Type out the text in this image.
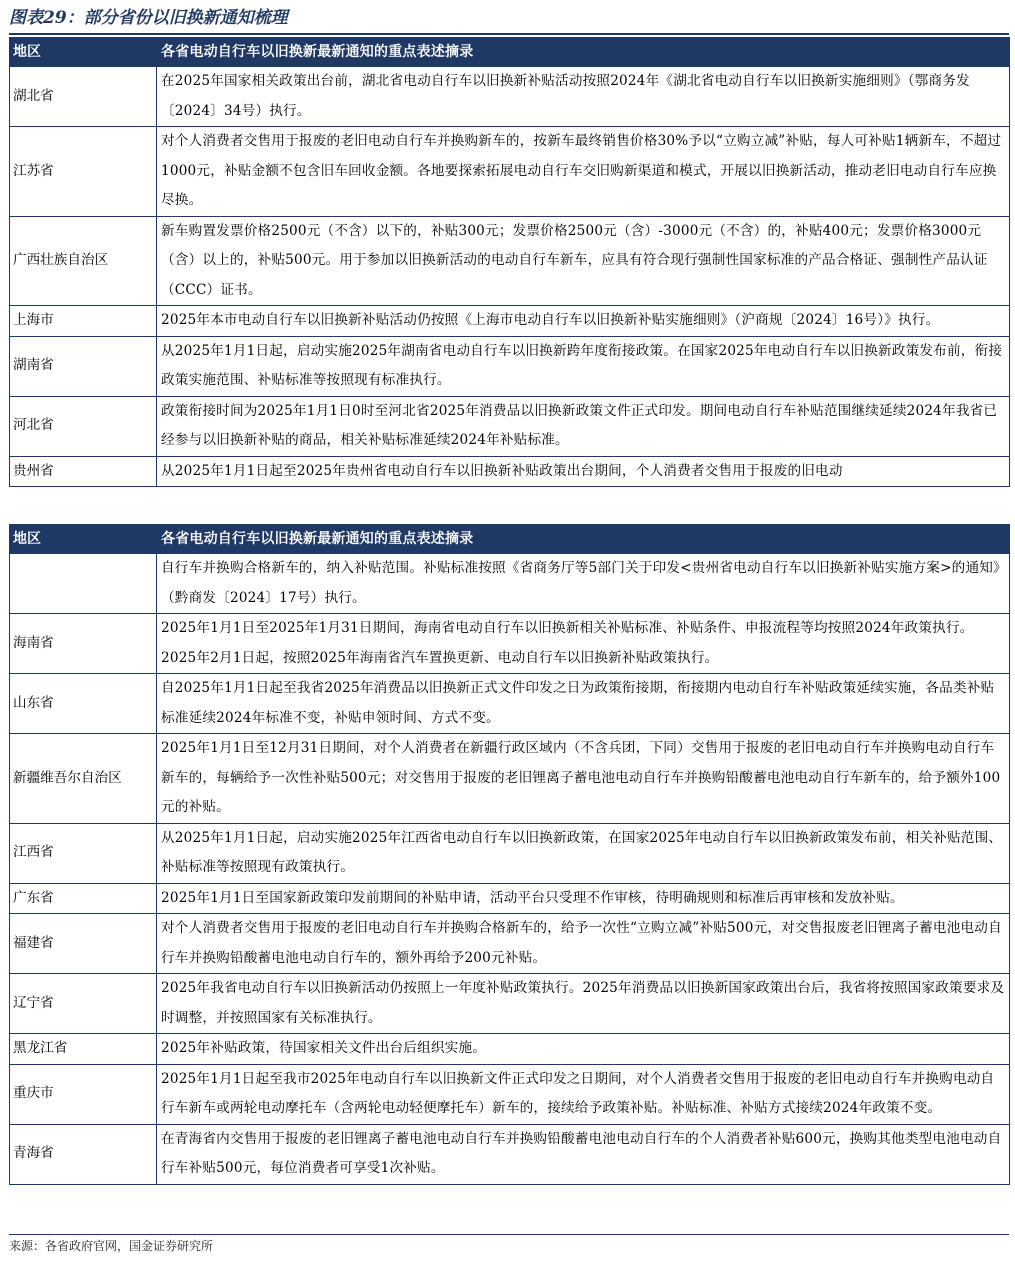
图表29：部分省份以旧换新通知梳理
地区	各省电动自行车以旧换新最新通知的重点表述摘录
湖北省	在2025年国家相关政策出台前，湖北省电动自行车以旧换新补贴活动按照2024年《湖北省电动自行车以旧换新实施细则》（鄂商务发〔2024〕34号）执行。
江苏省	对个人消费者交售用于报废的老旧电动自行车并换购新车的，按新车最终销售价格30%予以“立购立减”补贴，每人可补贴1辆新车，不超过1000元，补贴金额不包含旧车回收金额。各地要探索拓展电动自行车交旧购新渠道和模式，开展以旧换新活动，推动老旧电动自行车应换尽换。
广西壮族自治区	新车购置发票价格2500元（不含）以下的，补贴300元；发票价格2500元（含）-3000元（不含）的，补贴400元；发票价格3000元（含）以上的，补贴500元。用于参加以旧换新活动的电动自行车新车，应具有符合现行强制性国家标准的产品合格证、强制性产品认证（CCC）证书。
上海市	2025年本市电动自行车以旧换新补贴活动仍按照《上海市电动自行车以旧换新补贴实施细则》（沪商规〔2024〕16号）》执行。
湖南省	从2025年1月1日起，启动实施2025年湖南省电动自行车以旧换新跨年度衔接政策。在国家2025年电动自行车以旧换新政策发布前，衔接政策实施范围、补贴标准等按照现有标准执行。
河北省	政策衔接时间为2025年1月1日0时至河北省2025年消费品以旧换新政策文件正式印发。期间电动自行车补贴范围继续延续2024年我省已经参与以旧换新补贴的商品，相关补贴标准延续2024年补贴标准。
贵州省	从2025年1月1日起至2025年贵州省电动自行车以旧换新补贴政策出台期间，个人消费者交售用于报废的旧电动
地区	各省电动自行车以旧换新最新通知的重点表述摘录
	自行车并换购合格新车的，纳入补贴范围。补贴标准按照《省商务厅等5部门关于印发<贵州省电动自行车以旧换新补贴实施方案>的通知》（黔商发〔2024〕17号）执行。
海南省	2025年1月1日至2025年1月31日期间，海南省电动自行车以旧换新相关补贴标准、补贴条件、申报流程等均按照2024年政策执行。2025年2月1日起，按照2025年海南省汽车置换更新、电动自行车以旧换新补贴政策执行。
山东省	自2025年1月1日起至我省2025年消费品以旧换新正式文件印发之日为政策衔接期，衔接期内电动自行车补贴政策延续实施，各品类补贴标准延续2024年标准不变，补贴申领时间、方式不变。
新疆维吾尔自治区	2025年1月1日至12月31日期间，对个人消费者在新疆行政区域内（不含兵团，下同）交售用于报废的老旧电动自行车并换购电动自行车新车的，每辆给予一次性补贴500元；对交售用于报废的老旧锂离子蓄电池电动自行车并换购铅酸蓄电池电动自行车新车的，给予额外100元的补贴。
江西省	从2025年1月1日起，启动实施2025年江西省电动自行车以旧换新政策，在国家2025年电动自行车以旧换新政策发布前，相关补贴范围、补贴标准等按照现有政策执行。
广东省	2025年1月1日至国家新政策印发前期间的补贴申请，活动平台只受理不作审核，待明确规则和标准后再审核和发放补贴。
福建省	对个人消费者交售用于报废的老旧电动自行车并换购合格新车的，给予一次性“立购立减”补贴500元，对交售报废老旧锂离子蓄电池电动自行车并换购铅酸蓄电池电动自行车的，额外再给予200元补贴。
辽宁省	2025年我省电动自行车以旧换新活动仍按照上一年度补贴政策执行。2025年消费品以旧换新国家政策出台后，我省将按照国家政策要求及时调整，并按照国家有关标准执行。
黑龙江省	2025年补贴政策，待国家相关文件出台后组织实施。
重庆市	2025年1月1日起至我市2025年电动自行车以旧换新文件正式印发之日期间，对个人消费者交售用于报废的老旧电动自行车并换购电动自行车新车或两轮电动摩托车（含两轮电动轻便摩托车）新车的，接续给予政策补贴。补贴标准、补贴方式接续2024年政策不变。
青海省	在青海省内交售用于报废的老旧锂离子蓄电池电动自行车并换购铅酸蓄电池电动自行车的个人消费者补贴600元，换购其他类型电池电动自行车补贴500元，每位消费者可享受1次补贴。
来源：各省政府官网，国金证券研究所
